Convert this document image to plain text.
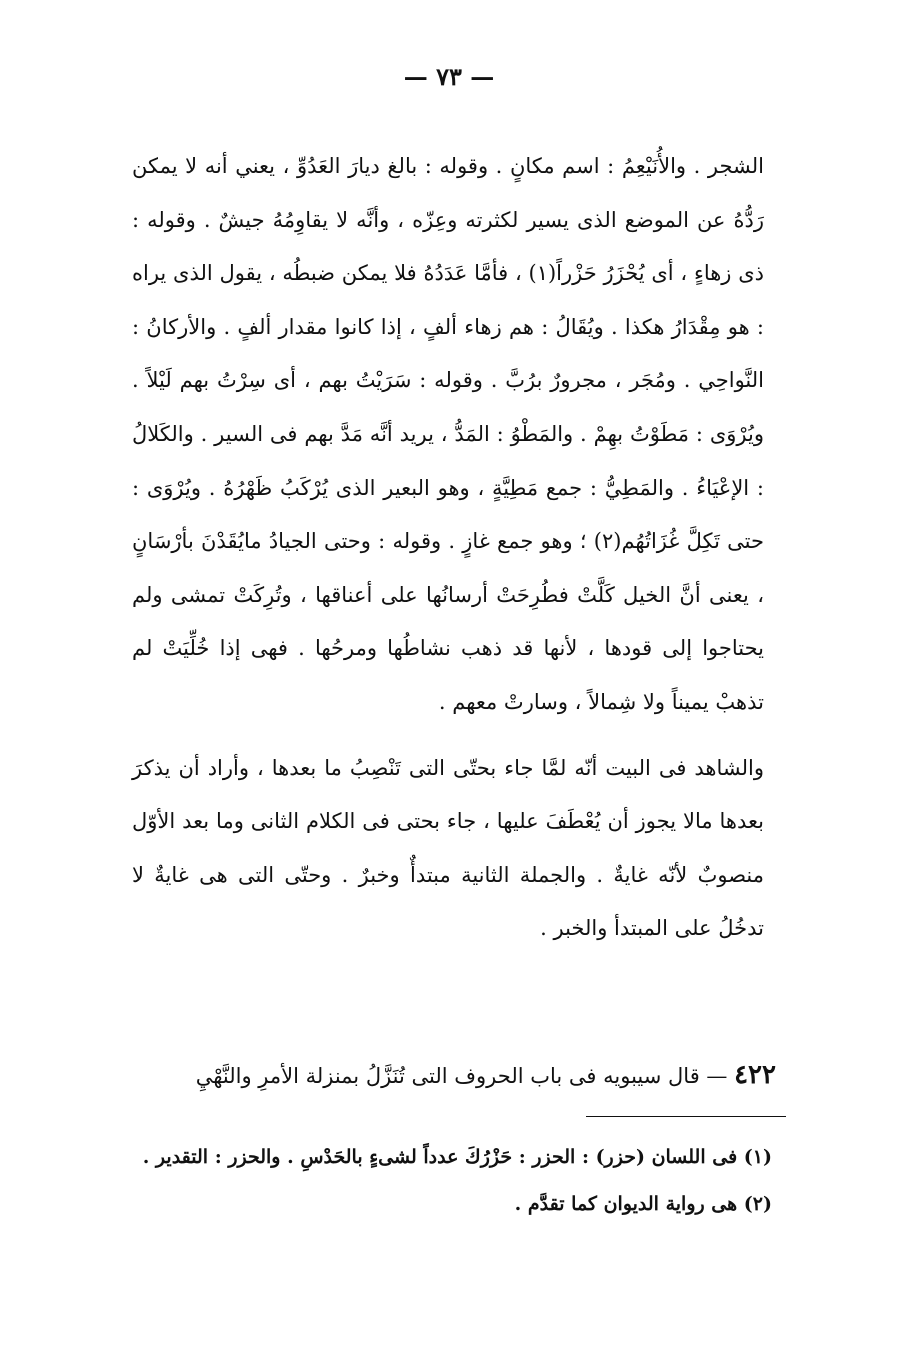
— ٧٣ —

الشجر . والأُنَيْعِمُ : اسم مكانٍ . وقوله : بالغ ديارَ العَدُوِّ ، يعني أنه لا يمكن رَدُّهُ عن الموضع الذى يسير لكثرته وعِزّه ، وأنَّه لا يقاوِمُهُ جيشٌ . وقوله : ذى زهاءٍ ، أى يُحْزَرُ حَزْراً(١) ، فأمَّا عَدَدُهُ فلا يمكن ضبطُه ، يقول الذى يراه : هو مِقْدَارُ هكذا . ويُقَالُ : هم زهاء ألفٍ ، إذا كانوا مقدار ألفٍ . والأركانُ : النَّواحِي . ومُجَر ، مجرورٌ برُبَّ . وقوله : سَرَيْتُ بهم ، أى سِرْتُ بهم لَيْلاً . ويُرْوَى : مَطَوْتُ بهِمْ . والمَطْوُ : المَدُّ ، يريد أنَّه مَدَّ بهم فى السير . والكَلالُ : الإعْيَاءُ . والمَطِيُّ : جمع مَطِيَّةٍ ، وهو البعير الذى يُرْكَبُ ظَهْرُهُ . ويُرْوَى : حتى تَكِلَّ غُزَاتُهُم(٢) ؛ وهو جمع غازٍ . وقوله : وحتى الجيادُ مايُقَدْنَ بأرْسَانٍ ، يعنى أنَّ الخيل كَلَّتْ فطُرِحَتْ أرسانُها على أعناقها ، وتُرِكَتْ تمشى ولم يحتاجوا إلى قودها ، لأنها قد ذهب نشاطُها ومرحُها . فهى إذا خُلِّيَتْ لم تذهبْ يميناً ولا شِمالاً ، وسارتْ معهم .

والشاهد فى البيت أنّه لمَّا جاء بحتّى التى تَنْصِبُ ما بعدها ، وأراد أن يذكرَ بعدها مالا يجوز أن يُعْطَفَ عليها ، جاء بحتى فى الكلام الثانى وما بعد الأوّل منصوبٌ لأنّه غايةٌ . والجملة الثانية مبتدأٌ وخبرٌ . وحتّى التى هى غايةٌ لا تدخُلُ على المبتدأ والخبر .

٤٢٢ — قال سيبويه فى باب الحروف التى تُنَزَّلُ بمنزلة الأمرِ والنَّهْيِ

(١) فى اللسان (حزر) : الحزر : حَزْرُكَ عدداً لشىءٍ بالحَدْسِ . والحزر : التقدير .

(٢) هى رواية الديوان كما تقدَّم .
